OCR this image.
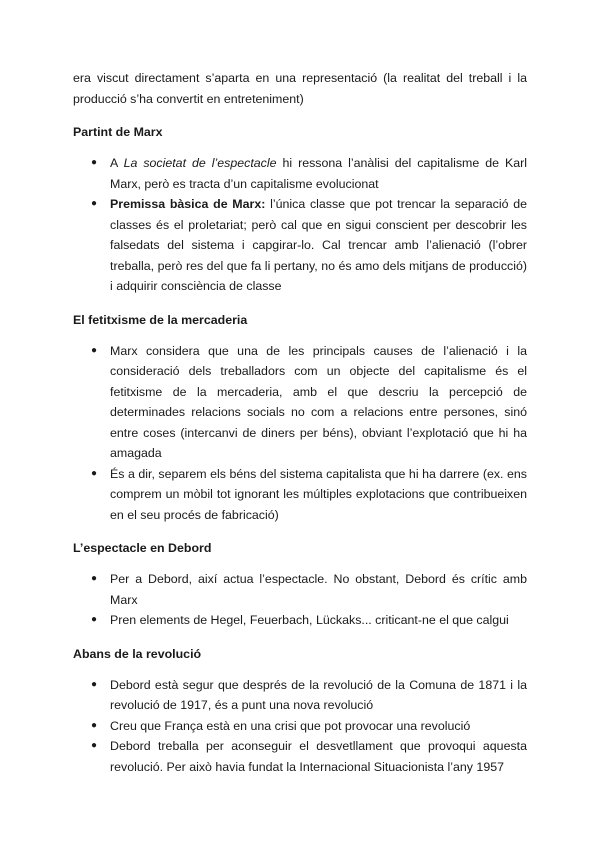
era viscut directament s’aparta en una representació (la realitat del treball i la producció s’ha convertit en entreteniment)

Partint de Marx
● A La societat de l’espectacle hi ressona l’anàlisi del capitalisme de Karl Marx, però es tracta d’un capitalisme evolucionat
● Premissa bàsica de Marx: l’única classe que pot trencar la separació de classes és el proletariat; però cal que en sigui conscient per descobrir les falsedats del sistema i capgirar-lo. Cal trencar amb l’alienació (l’obrer treballa, però res del que fa li pertany, no és amo dels mitjans de producció) i adquirir consciència de classe
El fetitxisme de la mercaderia
● Marx considera que una de les principals causes de l’alienació i la consideració dels treballadors com un objecte del capitalisme és el fetitxisme de la mercaderia, amb el que descriu la percepció de determinades relacions socials no com a relacions entre persones, sinó entre coses (intercanvi de diners per béns), obviant l’explotació que hi ha amagada
● És a dir, separem els béns del sistema capitalista que hi ha darrere (ex. ens comprem un mòbil tot ignorant les múltiples explotacions que contribueixen en el seu procés de fabricació)
L’espectacle en Debord
● Per a Debord, així actua l’espectacle. No obstant, Debord és crític amb Marx
● Pren elements de Hegel, Feuerbach, Lückaks... criticant-ne el que calgui
Abans de la revolució
● Debord està segur que després de la revolució de la Comuna de 1871 i la revolució de 1917, és a punt una nova revolució
● Creu que França està en una crisi que pot provocar una revolució
● Debord treballa per aconseguir el desvetllament que provoqui aquesta revolució. Per això havia fundat la Internacional Situacionista l’any 1957
